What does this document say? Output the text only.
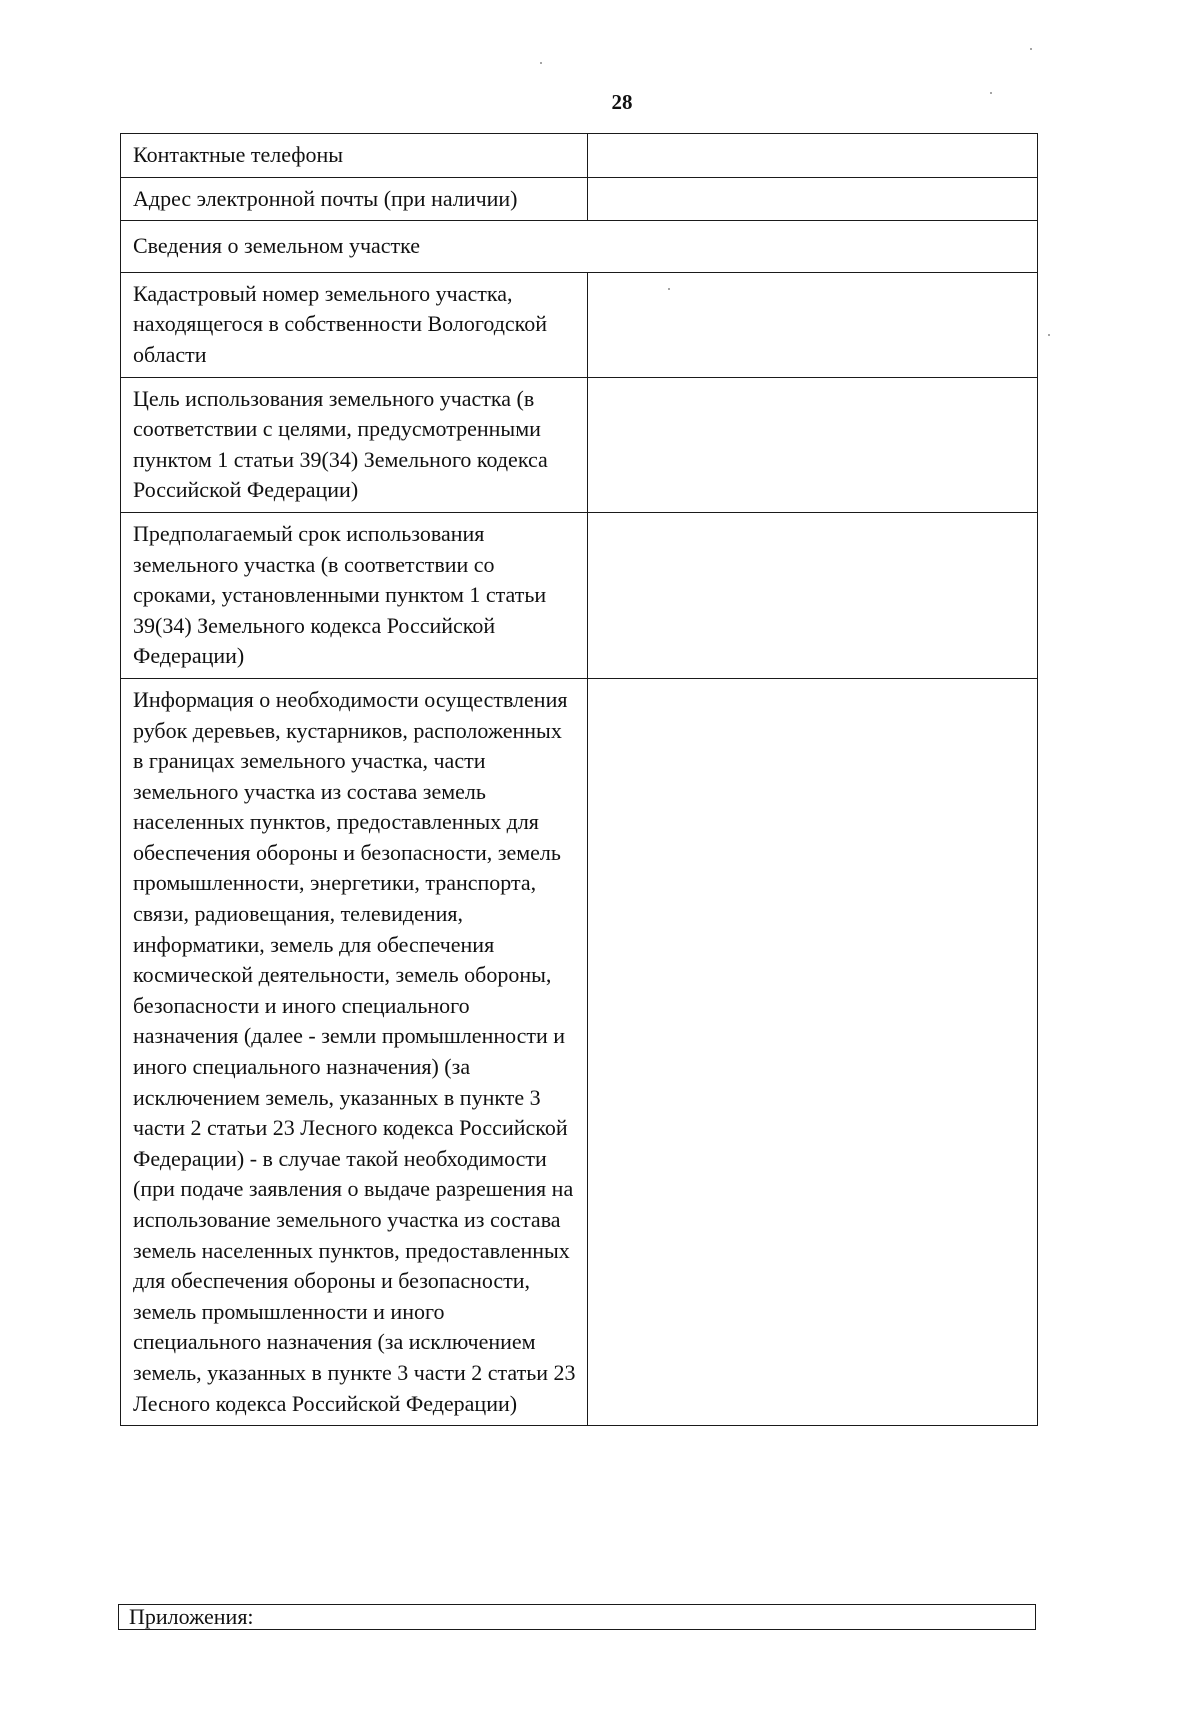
28
Контактные телефоны	
Адрес электронной почты (при наличии)	
Сведения о земельном участке	
Кадастровый номер земельного участка, находящегося в собственности Вологодской области	
Цель использования земельного участка (в соответствии с целями, предусмотренными пунктом 1 статьи 39(34) Земельного кодекса Российской Федерации)	
Предполагаемый срок использования земельного участка (в соответствии со сроками, установленными пунктом 1 статьи 39(34) Земельного кодекса Российской Федерации)	
Информация о необходимости осуществления рубок деревьев, кустарников, расположенных в границах земельного участка, части земельного участка из состава земель населенных пунктов, предоставленных для обеспечения обороны и безопасности, земель промышленности, энергетики, транспорта, связи, радиовещания, телевидения, информатики, земель для обеспечения космической деятельности, земель обороны, безопасности и иного специального назначения (далее - земли промышленности и иного специального назначения) (за исключением земель, указанных в пункте 3 части 2 статьи 23 Лесного кодекса Российской Федерации) - в случае такой необходимости (при подаче заявления о выдаче разрешения на использование земельного участка из состава земель населенных пунктов, предоставленных для обеспечения обороны и безопасности, земель промышленности и иного специального назначения (за исключением земель, указанных в пункте 3 части 2 статьи 23 Лесного кодекса Российской Федерации)	
Приложения:
